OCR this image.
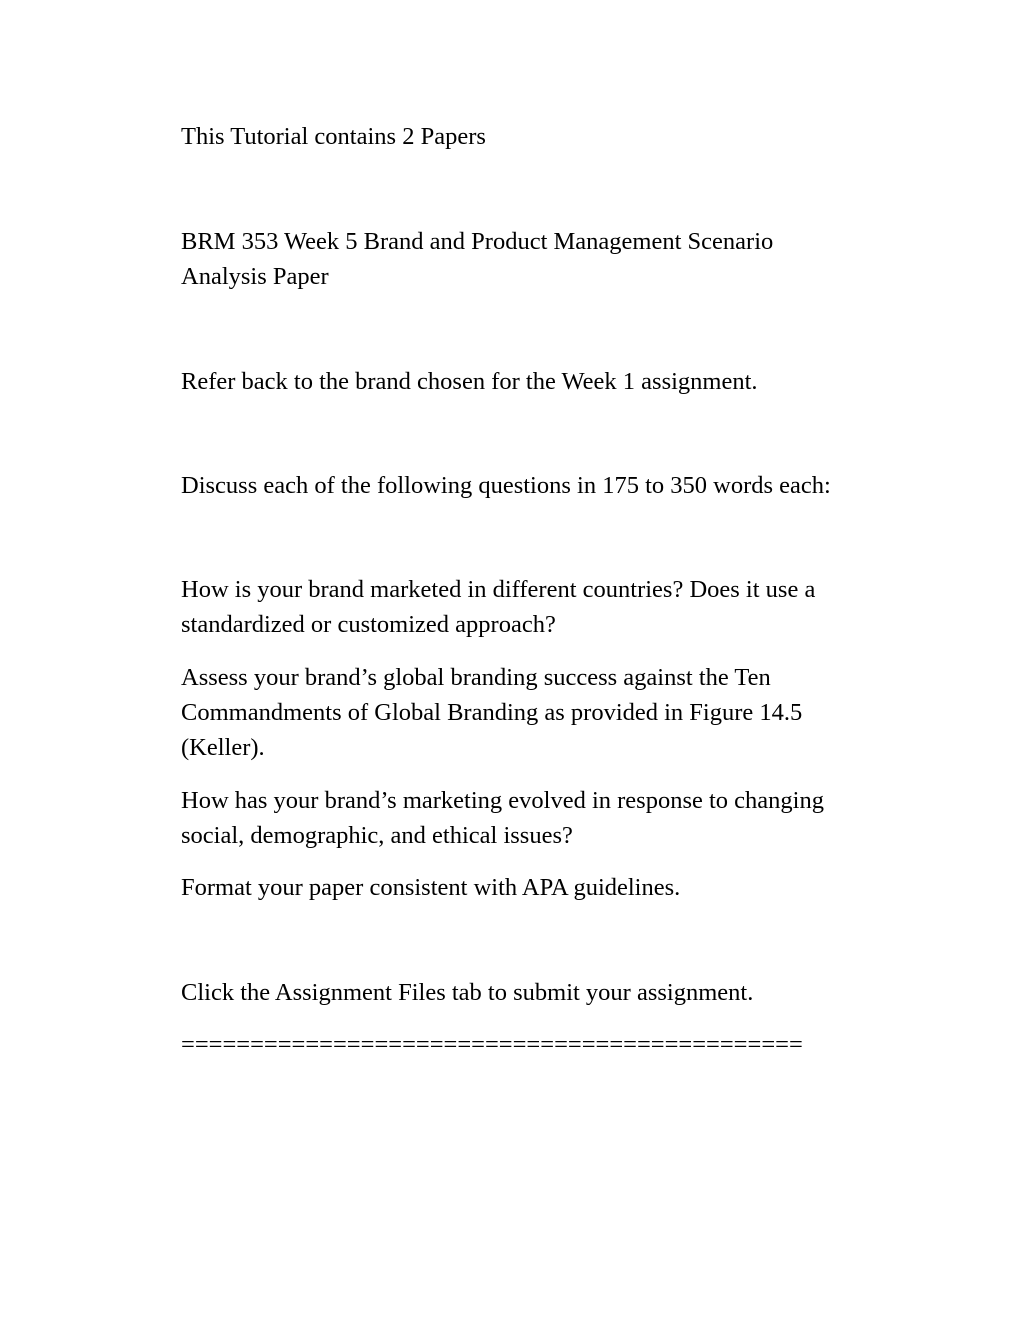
This Tutorial contains 2 Papers

BRM 353 Week 5 Brand and Product Management Scenario

Analysis Paper

Refer back to the brand chosen for the Week 1 assignment.

Discuss each of the following questions in 175 to 350 words each:

How is your brand marketed in different countries? Does it use a

standardized or customized approach?

Assess your brand’s global branding success against the Ten

Commandments of Global Branding as provided in Figure 14.5

(Keller).

How has your brand’s marketing evolved in response to changing

social, demographic, and ethical issues?

Format your paper consistent with APA guidelines.

Click the Assignment Files tab to submit your assignment.

=============================================
